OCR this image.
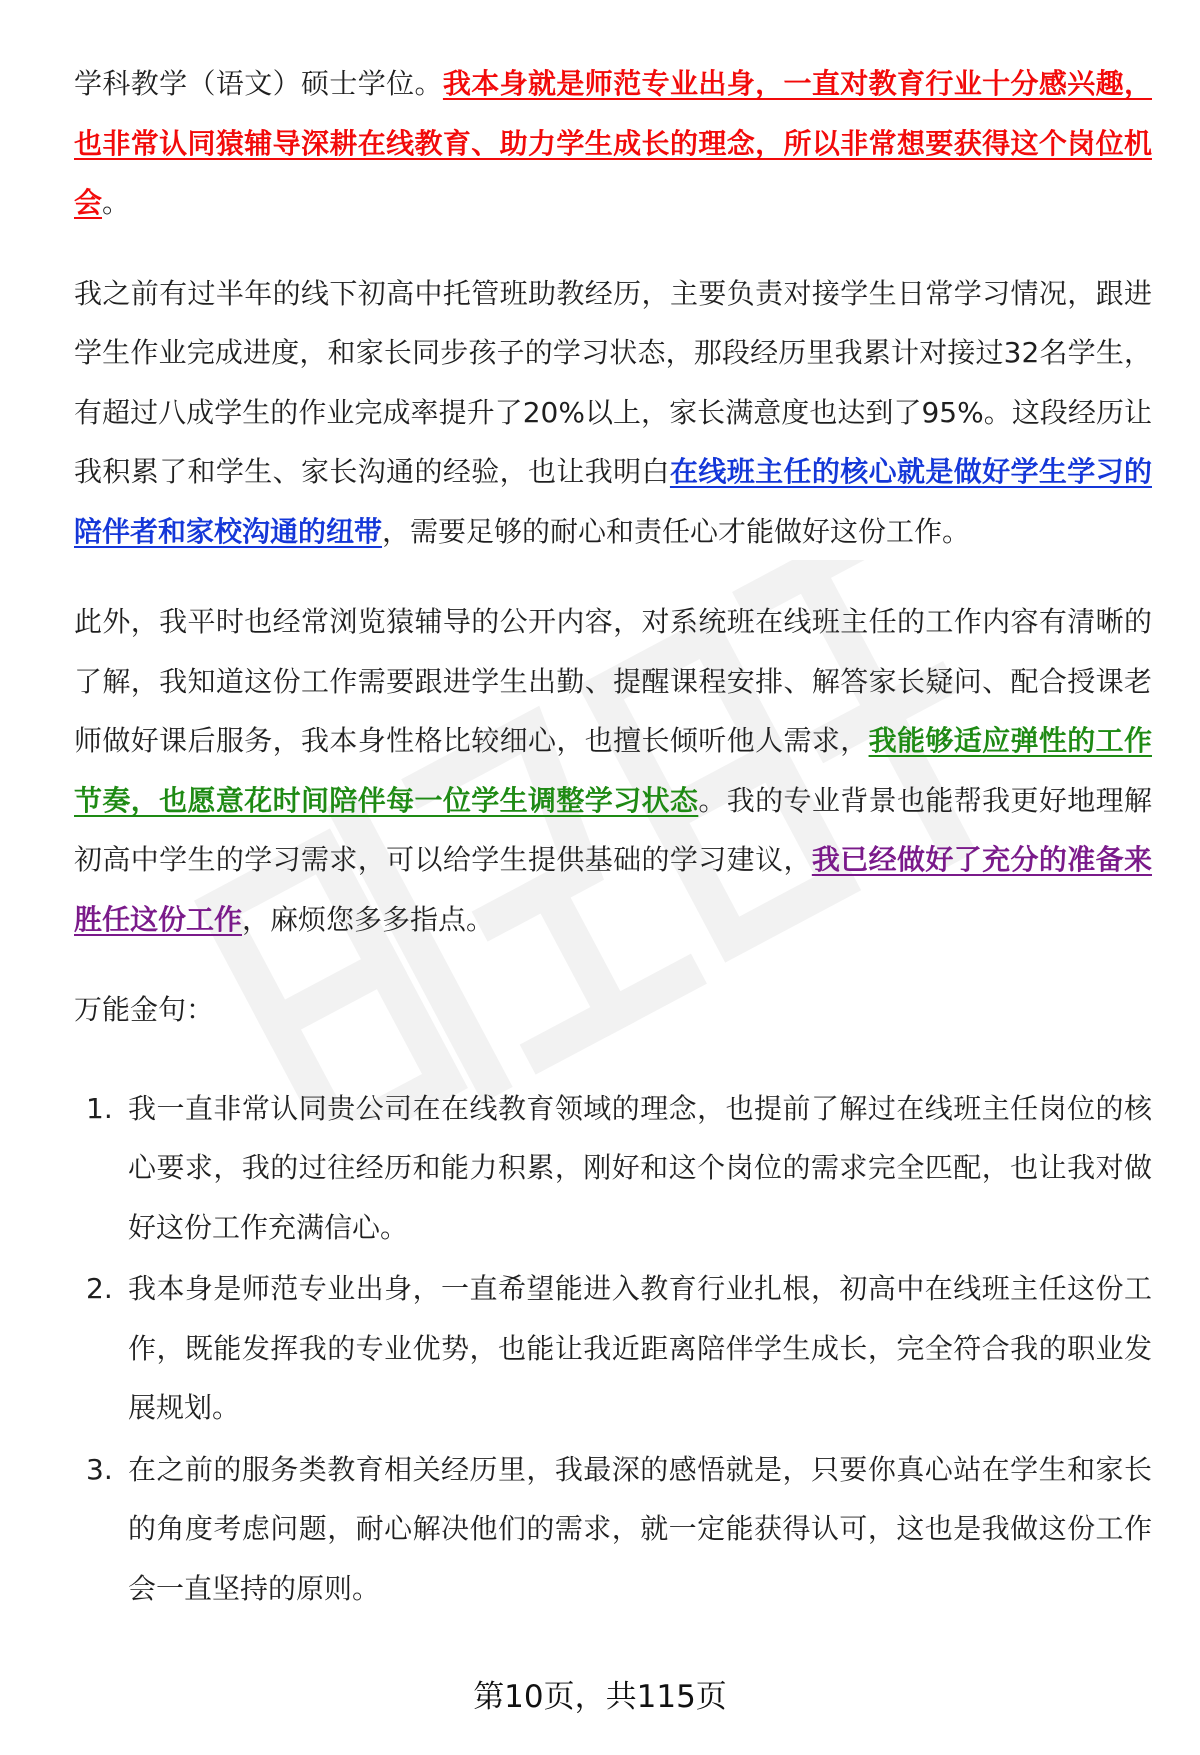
学科教学（语文）硕士学位。我本身就是师范专业出身，一直对教育行业十分感兴趣，也非常认同猿辅导深耕在线教育、助力学生成长的理念，所以非常想要获得这个岗位机会。

我之前有过半年的线下初高中托管班助教经历，主要负责对接学生日常学习情况，跟进学生作业完成进度，和家长同步孩子的学习状态，那段经历里我累计对接过32名学生，有超过八成学生的作业完成率提升了20%以上，家长满意度也达到了95%。这段经历让我积累了和学生、家长沟通的经验，也让我明白在线班主任的核心就是做好学生学习的陪伴者和家校沟通的纽带，需要足够的耐心和责任心才能做好这份工作。

此外，我平时也经常浏览猿辅导的公开内容，对系统班在线班主任的工作内容有清晰的了解，我知道这份工作需要跟进学生出勤、提醒课程安排、解答家长疑问、配合授课老师做好课后服务，我本身性格比较细心，也擅长倾听他人需求，我能够适应弹性的工作节奏，也愿意花时间陪伴每一位学生调整学习状态。我的专业背景也能帮我更好地理解初高中学生的学习需求，可以给学生提供基础的学习建议，我已经做好了充分的准备来胜任这份工作，麻烦您多多指点。

万能金句：
1. 我一直非常认同贵公司在在线教育领域的理念，也提前了解过在线班主任岗位的核心要求，我的过往经历和能力积累，刚好和这个岗位的需求完全匹配，也让我对做好这份工作充满信心。
2. 我本身是师范专业出身，一直希望能进入教育行业扎根，初高中在线班主任这份工作，既能发挥我的专业优势，也能让我近距离陪伴学生成长，完全符合我的职业发展规划。
3. 在之前的服务类教育相关经历里，我最深的感悟就是，只要你真心站在学生和家长的角度考虑问题，耐心解决他们的需求，就一定能获得认可，这也是我做这份工作会一直坚持的原则。
第10页，共115页
